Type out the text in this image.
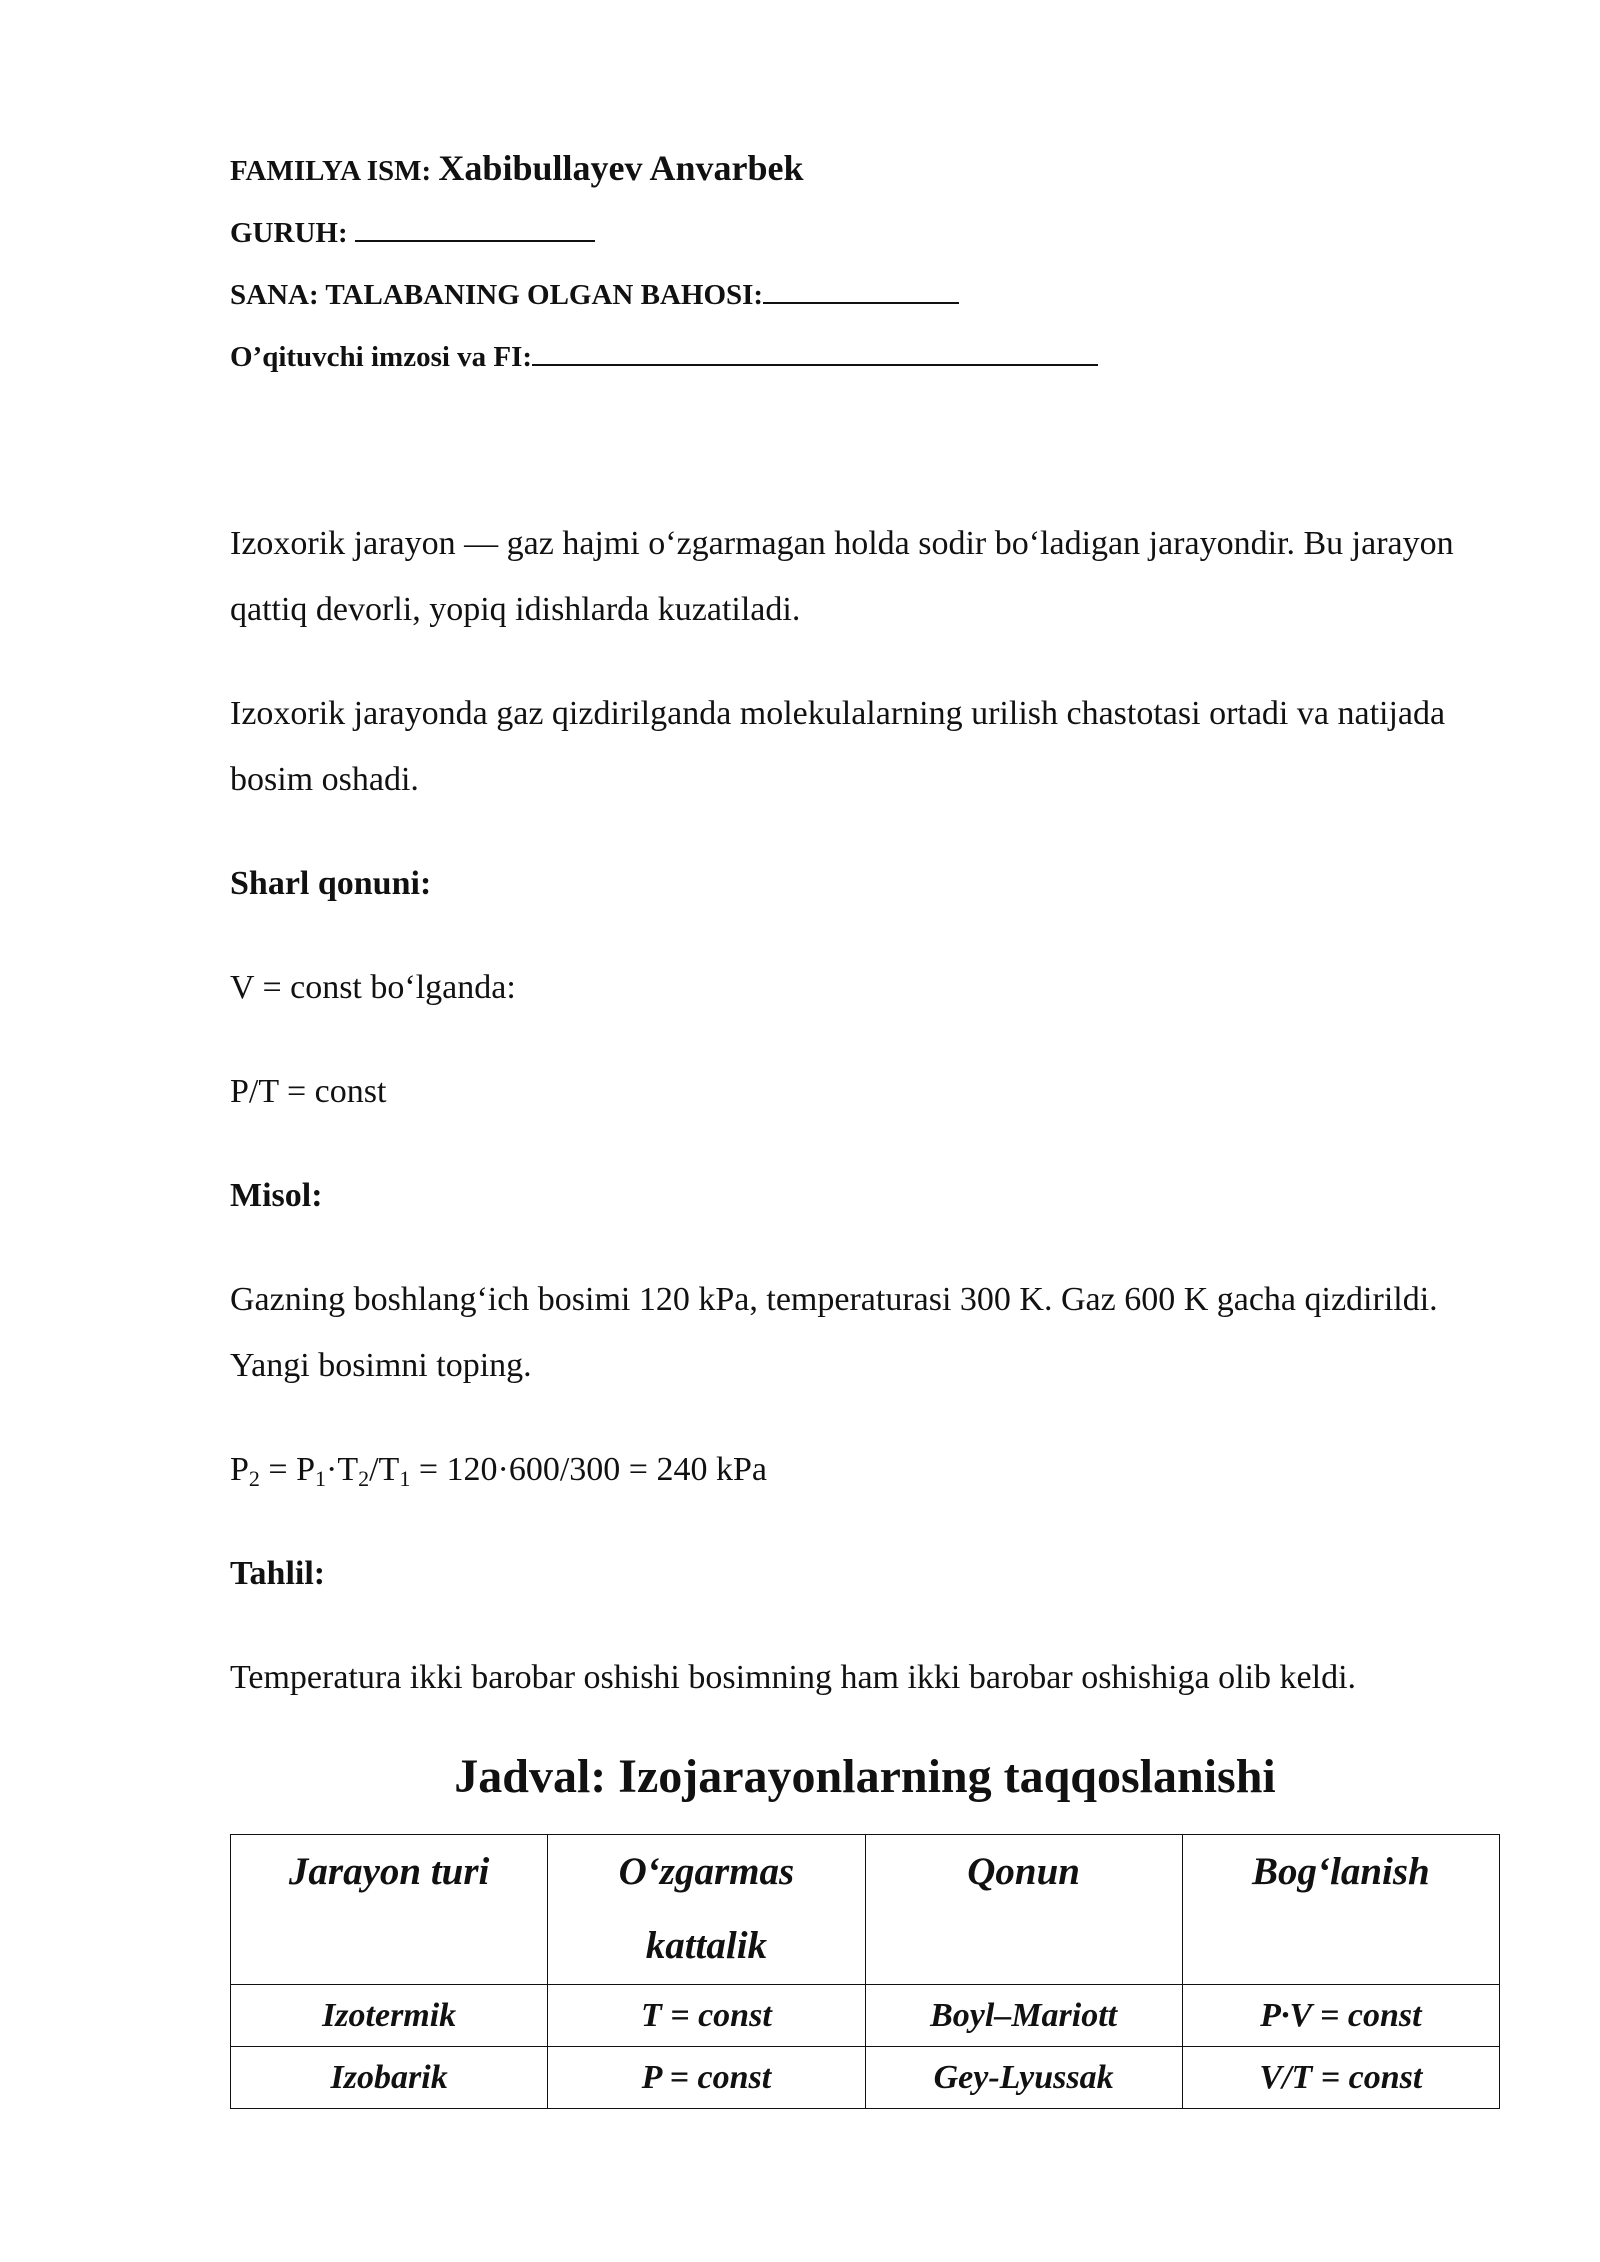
FAMILYA ISM: Xabibullayev Anvarbek
GURUH:
SANA: TALABANING OLGAN BAHOSI:
O’qituvchi imzosi va FI:

Izoxorik jarayon — gaz hajmi o‘zgarmagan holda sodir bo‘ladigan jarayondir. Bu jarayon qattiq devorli, yopiq idishlarda kuzatiladi.

Izoxorik jarayonda gaz qizdirilganda molekulalarning urilish chastotasi ortadi va natijada bosim oshadi.

Sharl qonuni:

V = const bo‘lganda:

P/T = const

Misol:

Gazning boshlang‘ich bosimi 120 kPa, temperaturasi 300 K. Gaz 600 K gacha qizdirildi. Yangi bosimni toping.

$P_2 = P_1\cdot T_2/T_1 = 120\cdot 600/300 = 240$ kPa

Tahlil:

Temperatura ikki barobar oshishi bosimning ham ikki barobar oshishiga olib keldi.

Jadval: Izojarayonlarning taqqoslanishi
Jarayon turi	O‘zgarmas kattalik	Qonun	Bog‘lanish
Izotermik	T = const	Boyl–Mariott	P·V = const
Izobarik	P = const	Gey-Lyussak	V/T = const
